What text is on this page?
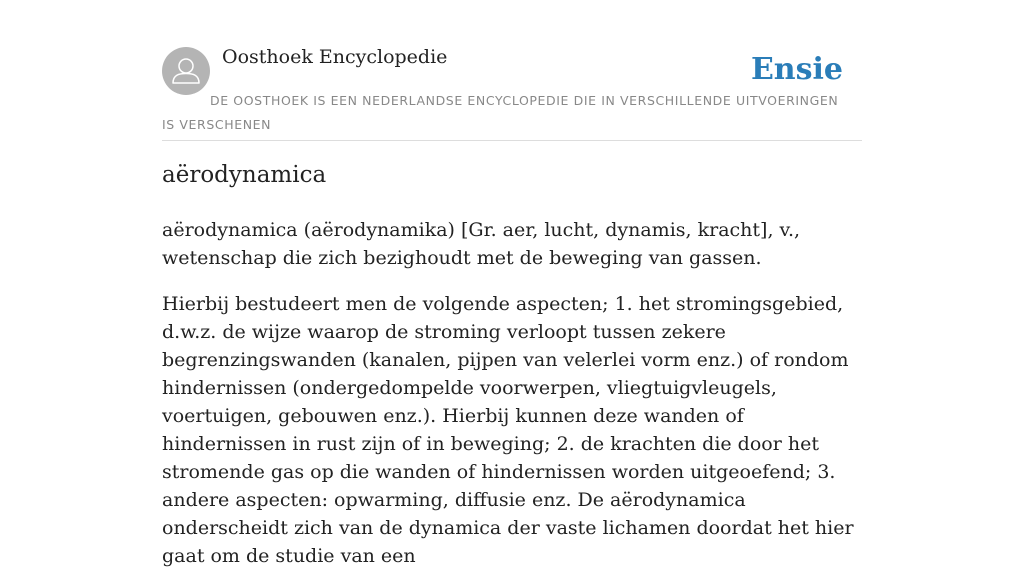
Oosthoek Encyclopedie	Ensie
DE OOSTHOEK IS EEN NEDERLANDSE ENCYCLOPEDIE DIE IN VERSCHILLENDE UITVOERINGEN IS VERSCHENEN
aërodynamica

aërodynamica (aërodynamika) [Gr. aer, lucht, dynamis, kracht], v., wetenschap die zich bezighoudt met de beweging van gassen.

Hierbij bestudeert men de volgende aspecten; 1. het stromingsgebied, d.w.z. de wijze waarop de stroming verloopt tussen zekere begrenzingswanden (kanalen, pijpen van velerlei vorm enz.) of rondom hindernissen (ondergedompelde voorwerpen, vliegtuigvleugels, voertuigen, gebouwen enz.). Hierbij kunnen deze wanden of hindernissen in rust zijn of in beweging; 2. de krachten die door het stromende gas op die wanden of hindernissen worden uitgeoefend; 3. andere aspecten: opwarming, diffusie enz. De aërodynamica onderscheidt zich van de dynamica der vaste lichamen doordat het hier gaat om de studie van een
